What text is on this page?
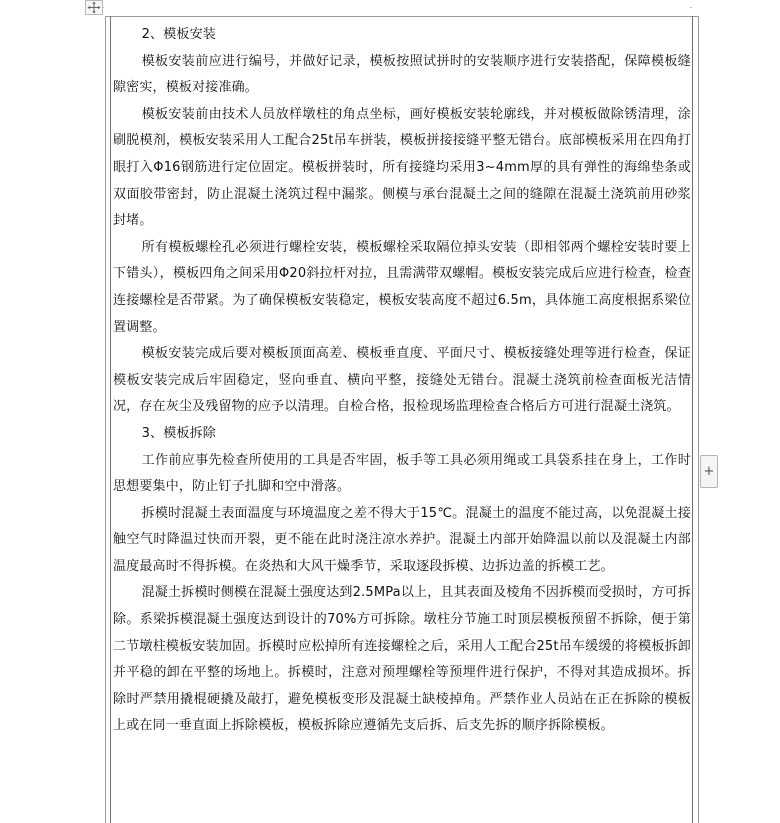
2、模板安装

模板安装前应进行编号，并做好记录，模板按照试拼时的安装顺序进行安装搭配，保障模板缝隙密实，模板对接准确。

模板安装前由技术人员放样墩柱的角点坐标，画好模板安装轮廓线，并对模板做除锈清理，涂刷脱模剂，模板安装采用人工配合25t吊车拼装，模板拼接接缝平整无错台。底部模板采用在四角打眼打入Φ16钢筋进行定位固定。模板拼装时，所有接缝均采用3~4mm厚的具有弹性的海绵垫条或双面胶带密封，防止混凝土浇筑过程中漏浆。侧模与承台混凝土之间的缝隙在混凝土浇筑前用砂浆封堵。

所有模板螺栓孔必须进行螺栓安装，模板螺栓采取隔位掉头安装（即相邻两个螺栓安装时要上下错头），模板四角之间采用Φ20斜拉杆对拉，且需满带双螺帽。模板安装完成后应进行检查，检查连接螺栓是否带紧。为了确保模板安装稳定，模板安装高度不超过6.5m，具体施工高度根据系梁位置调整。

模板安装完成后要对模板顶面高差、模板垂直度、平面尺寸、模板接缝处理等进行检查，保证模板安装完成后牢固稳定，竖向垂直、横向平整，接缝处无错台。混凝土浇筑前检查面板光洁情况，存在灰尘及残留物的应予以清理。自检合格，报检现场监理检查合格后方可进行混凝土浇筑。

3、模板拆除

工作前应事先检查所使用的工具是否牢固，板手等工具必须用绳或工具袋系挂在身上，工作时思想要集中，防止钉子扎脚和空中滑落。

拆模时混凝土表面温度与环境温度之差不得大于15℃。混凝土的温度不能过高，以免混凝土接触空气时降温过快而开裂，更不能在此时浇注凉水养护。混凝土内部开始降温以前以及混凝土内部温度最高时不得拆模。在炎热和大风干燥季节，采取逐段拆模、边拆边盖的拆模工艺。

混凝土拆模时侧模在混凝土强度达到2.5MPa以上，且其表面及棱角不因拆模而受损时，方可拆除。系梁拆模混凝土强度达到设计的70%方可拆除。墩柱分节施工时顶层模板预留不拆除，便于第二节墩柱模板安装加固。拆模时应松掉所有连接螺栓之后，采用人工配合25t吊车缓缓的将模板拆卸并平稳的卸在平整的场地上。拆模时，注意对预埋螺栓等预埋件进行保护，不得对其造成损坏。拆除时严禁用撬棍硬撬及敲打，避免模板变形及混凝土缺棱掉角。严禁作业人员站在正在拆除的模板上或在同一垂直面上拆除模板，模板拆除应遵循先支后拆、后支先拆的顺序拆除模板。

+
